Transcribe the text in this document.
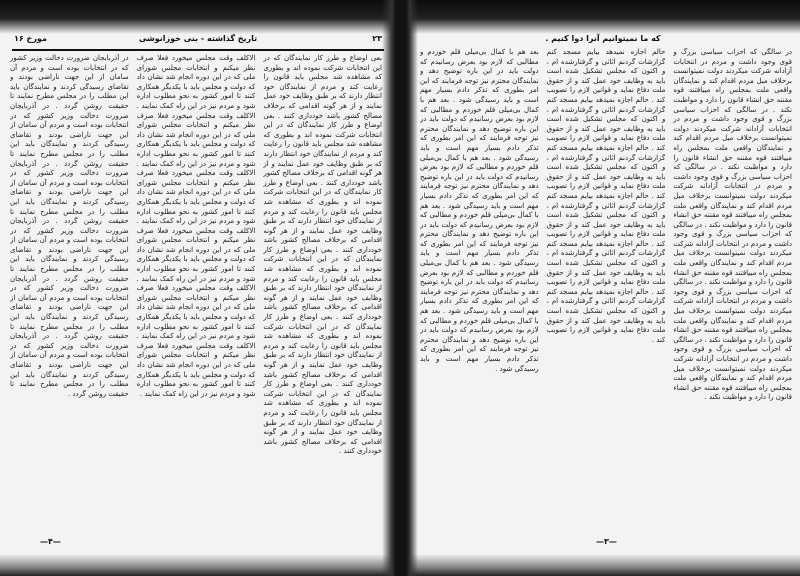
۲۳
تاریخ گذاشته - بنی خوزانوشی
مورخ ۱۶
بعی اوضاع و طرز کار نمایندگان که در این انتخابات شرکت نموده اند و بطوری که مشاهده شد مجلس باید قانون را رعایت کند و مردم از نمایندگان خود انتظار دارند که بر طبق وظایف خود عمل نمایند و از هر گونه اقدامی که برخلاف مصالح کشور باشد خودداری کنند . بعی اوضاع و طرز کار نمایندگان که در این انتخابات شرکت نموده اند و بطوری که مشاهده شد مجلس باید قانون را رعایت کند و مردم از نمایندگان خود انتظار دارند که بر طبق وظایف خود عمل نمایند و از هر گونه اقدامی که برخلاف مصالح کشور باشد خودداری کنند . بعی اوضاع و طرز کار نمایندگان که در این انتخابات شرکت نموده اند و بطوری که مشاهده شد مجلس باید قانون را رعایت کند و مردم از نمایندگان خود انتظار دارند که بر طبق وظایف خود عمل نمایند و از هر گونه اقدامی که برخلاف مصالح کشور باشد خودداری کنند . بعی اوضاع و طرز کار نمایندگان که در این انتخابات شرکت نموده اند و بطوری که مشاهده شد مجلس باید قانون را رعایت کند و مردم از نمایندگان خود انتظار دارند که بر طبق وظایف خود عمل نمایند و از هر گونه اقدامی که برخلاف مصالح کشور باشد خودداری کنند . بعی اوضاع و طرز کار نمایندگان که در این انتخابات شرکت نموده اند و بطوری که مشاهده شد مجلس باید قانون را رعایت کند و مردم از نمایندگان خود انتظار دارند که بر طبق وظایف خود عمل نمایند و از هر گونه اقدامی که برخلاف مصالح کشور باشد خودداری کنند . بعی اوضاع و طرز کار نمایندگان که در این انتخابات شرکت نموده اند و بطوری که مشاهده شد مجلس باید قانون را رعایت کند و مردم از نمایندگان خود انتظار دارند که بر طبق وظایف خود عمل نمایند و از هر گونه اقدامی که برخلاف مصالح کشور باشد خودداری کنند .
الاکلف وقت مجلس میخورد فعلا صرف نظر میکنم و انتخابات مجلس شورای ملی که در این دوره انجام شد نشان داد که دولت و مجلس باید با یکدیگر همکاری کنند تا امور کشور به نحو مطلوب اداره شود و مردم نیز در این راه کمک نمایند . الاکلف وقت مجلس میخورد فعلا صرف نظر میکنم و انتخابات مجلس شورای ملی که در این دوره انجام شد نشان داد که دولت و مجلس باید با یکدیگر همکاری کنند تا امور کشور به نحو مطلوب اداره شود و مردم نیز در این راه کمک نمایند . الاکلف وقت مجلس میخورد فعلا صرف نظر میکنم و انتخابات مجلس شورای ملی که در این دوره انجام شد نشان داد که دولت و مجلس باید با یکدیگر همکاری کنند تا امور کشور به نحو مطلوب اداره شود و مردم نیز در این راه کمک نمایند . الاکلف وقت مجلس میخورد فعلا صرف نظر میکنم و انتخابات مجلس شورای ملی که در این دوره انجام شد نشان داد که دولت و مجلس باید با یکدیگر همکاری کنند تا امور کشور به نحو مطلوب اداره شود و مردم نیز در این راه کمک نمایند . الاکلف وقت مجلس میخورد فعلا صرف نظر میکنم و انتخابات مجلس شورای ملی که در این دوره انجام شد نشان داد که دولت و مجلس باید با یکدیگر همکاری کنند تا امور کشور به نحو مطلوب اداره شود و مردم نیز در این راه کمک نمایند . الاکلف وقت مجلس میخورد فعلا صرف نظر میکنم و انتخابات مجلس شورای ملی که در این دوره انجام شد نشان داد که دولت و مجلس باید با یکدیگر همکاری کنند تا امور کشور به نحو مطلوب اداره شود و مردم نیز در این راه کمک نمایند .
در آذربایجان ضرورت دخالت وزیر کشور که در انتخابات بوده است و مردم آن سامان از این جهت ناراضی بودند و تقاضای رسیدگی کردند و نمایندگان باید این مطلب را در مجلس مطرح نمایند تا حقیقت روشن گردد . در آذربایجان ضرورت دخالت وزیر کشور که در انتخابات بوده است و مردم آن سامان از این جهت ناراضی بودند و تقاضای رسیدگی کردند و نمایندگان باید این مطلب را در مجلس مطرح نمایند تا حقیقت روشن گردد . در آذربایجان ضرورت دخالت وزیر کشور که در انتخابات بوده است و مردم آن سامان از این جهت ناراضی بودند و تقاضای رسیدگی کردند و نمایندگان باید این مطلب را در مجلس مطرح نمایند تا حقیقت روشن گردد . در آذربایجان ضرورت دخالت وزیر کشور که در انتخابات بوده است و مردم آن سامان از این جهت ناراضی بودند و تقاضای رسیدگی کردند و نمایندگان باید این مطلب را در مجلس مطرح نمایند تا حقیقت روشن گردد . در آذربایجان ضرورت دخالت وزیر کشور که در انتخابات بوده است و مردم آن سامان از این جهت ناراضی بودند و تقاضای رسیدگی کردند و نمایندگان باید این مطلب را در مجلس مطرح نمایند تا حقیقت روشن گردد . در آذربایجان ضرورت دخالت وزیر کشور که در انتخابات بوده است و مردم آن سامان از این جهت ناراضی بودند و تقاضای رسیدگی کردند و نمایندگان باید این مطلب را در مجلس مطرح نمایند تا حقیقت روشن گردد .
—۴—
که ما نمیتوانیم آنرا دوا کنیم .
در سالگی که احزاب سیاسی بزرگ و قوی وجود داشت و مردم در انتخابات آزادانه شرکت میکردند دولت نمیتوانست برخلاف میل مردم اقدام کند و نمایندگان واقعی ملت بمجلس راه مییافتند قوه مقننه حق انشاء قانون را دارد و مواظبت نکند . در سالگی که احزاب سیاسی بزرگ و قوی وجود داشت و مردم در انتخابات آزادانه شرکت میکردند دولت نمیتوانست برخلاف میل مردم اقدام کند و نمایندگان واقعی ملت بمجلس راه مییافتند قوه مقننه حق انشاء قانون را دارد و مواظبت نکند . در سالگی که احزاب سیاسی بزرگ و قوی وجود داشت و مردم در انتخابات آزادانه شرکت میکردند دولت نمیتوانست برخلاف میل مردم اقدام کند و نمایندگان واقعی ملت بمجلس راه مییافتند قوه مقننه حق انشاء قانون را دارد و مواظبت نکند . در سالگی که احزاب سیاسی بزرگ و قوی وجود داشت و مردم در انتخابات آزادانه شرکت میکردند دولت نمیتوانست برخلاف میل مردم اقدام کند و نمایندگان واقعی ملت بمجلس راه مییافتند قوه مقننه حق انشاء قانون را دارد و مواظبت نکند . در سالگی که احزاب سیاسی بزرگ و قوی وجود داشت و مردم در انتخابات آزادانه شرکت میکردند دولت نمیتوانست برخلاف میل مردم اقدام کند و نمایندگان واقعی ملت بمجلس راه مییافتند قوه مقننه حق انشاء قانون را دارد و مواظبت نکند . در سالگی که احزاب سیاسی بزرگ و قوی وجود داشت و مردم در انتخابات آزادانه شرکت میکردند دولت نمیتوانست برخلاف میل مردم اقدام کند و نمایندگان واقعی ملت بمجلس راه مییافتند قوه مقننه حق انشاء قانون را دارد و مواظبت نکند .
حالم اجازه نمیدهد بیایم مسجد کنم گزارشات گردنم اثاثی و گرفتارشده ام ، و اکنون که مجلس تشکیل شده است باید به وظایف خود عمل کند و از حقوق ملت دفاع نماید و قوانین لازم را تصویب کند . حالم اجازه نمیدهد بیایم مسجد کنم گزارشات گردنم اثاثی و گرفتارشده ام ، و اکنون که مجلس تشکیل شده است باید به وظایف خود عمل کند و از حقوق ملت دفاع نماید و قوانین لازم را تصویب کند . حالم اجازه نمیدهد بیایم مسجد کنم گزارشات گردنم اثاثی و گرفتارشده ام ، و اکنون که مجلس تشکیل شده است باید به وظایف خود عمل کند و از حقوق ملت دفاع نماید و قوانین لازم را تصویب کند . حالم اجازه نمیدهد بیایم مسجد کنم گزارشات گردنم اثاثی و گرفتارشده ام ، و اکنون که مجلس تشکیل شده است باید به وظایف خود عمل کند و از حقوق ملت دفاع نماید و قوانین لازم را تصویب کند . حالم اجازه نمیدهد بیایم مسجد کنم گزارشات گردنم اثاثی و گرفتارشده ام ، و اکنون که مجلس تشکیل شده است باید به وظایف خود عمل کند و از حقوق ملت دفاع نماید و قوانین لازم را تصویب کند . حالم اجازه نمیدهد بیایم مسجد کنم گزارشات گردنم اثاثی و گرفتارشده ام ، و اکنون که مجلس تشکیل شده است باید به وظایف خود عمل کند و از حقوق ملت دفاع نماید و قوانین لازم را تصویب کند .
بعد هم با کمال بی‌میلی قلم خوردم و مطالبی که لازم بود بعرض رسانیدم که دولت باید در این باره توضیح دهد و نمایندگان محترم نیز توجه فرمایند که این امر بطوری که تذکر دادم بسیار مهم است و باید رسیدگی شود . بعد هم با کمال بی‌میلی قلم خوردم و مطالبی که لازم بود بعرض رسانیدم که دولت باید در این باره توضیح دهد و نمایندگان محترم نیز توجه فرمایند که این امر بطوری که تذکر دادم بسیار مهم است و باید رسیدگی شود . بعد هم با کمال بی‌میلی قلم خوردم و مطالبی که لازم بود بعرض رسانیدم که دولت باید در این باره توضیح دهد و نمایندگان محترم نیز توجه فرمایند که این امر بطوری که تذکر دادم بسیار مهم است و باید رسیدگی شود . بعد هم با کمال بی‌میلی قلم خوردم و مطالبی که لازم بود بعرض رسانیدم که دولت باید در این باره توضیح دهد و نمایندگان محترم نیز توجه فرمایند که این امر بطوری که تذکر دادم بسیار مهم است و باید رسیدگی شود . بعد هم با کمال بی‌میلی قلم خوردم و مطالبی که لازم بود بعرض رسانیدم که دولت باید در این باره توضیح دهد و نمایندگان محترم نیز توجه فرمایند که این امر بطوری که تذکر دادم بسیار مهم است و باید رسیدگی شود . بعد هم با کمال بی‌میلی قلم خوردم و مطالبی که لازم بود بعرض رسانیدم که دولت باید در این باره توضیح دهد و نمایندگان محترم نیز توجه فرمایند که این امر بطوری که تذکر دادم بسیار مهم است و باید رسیدگی شود .
—۳—
